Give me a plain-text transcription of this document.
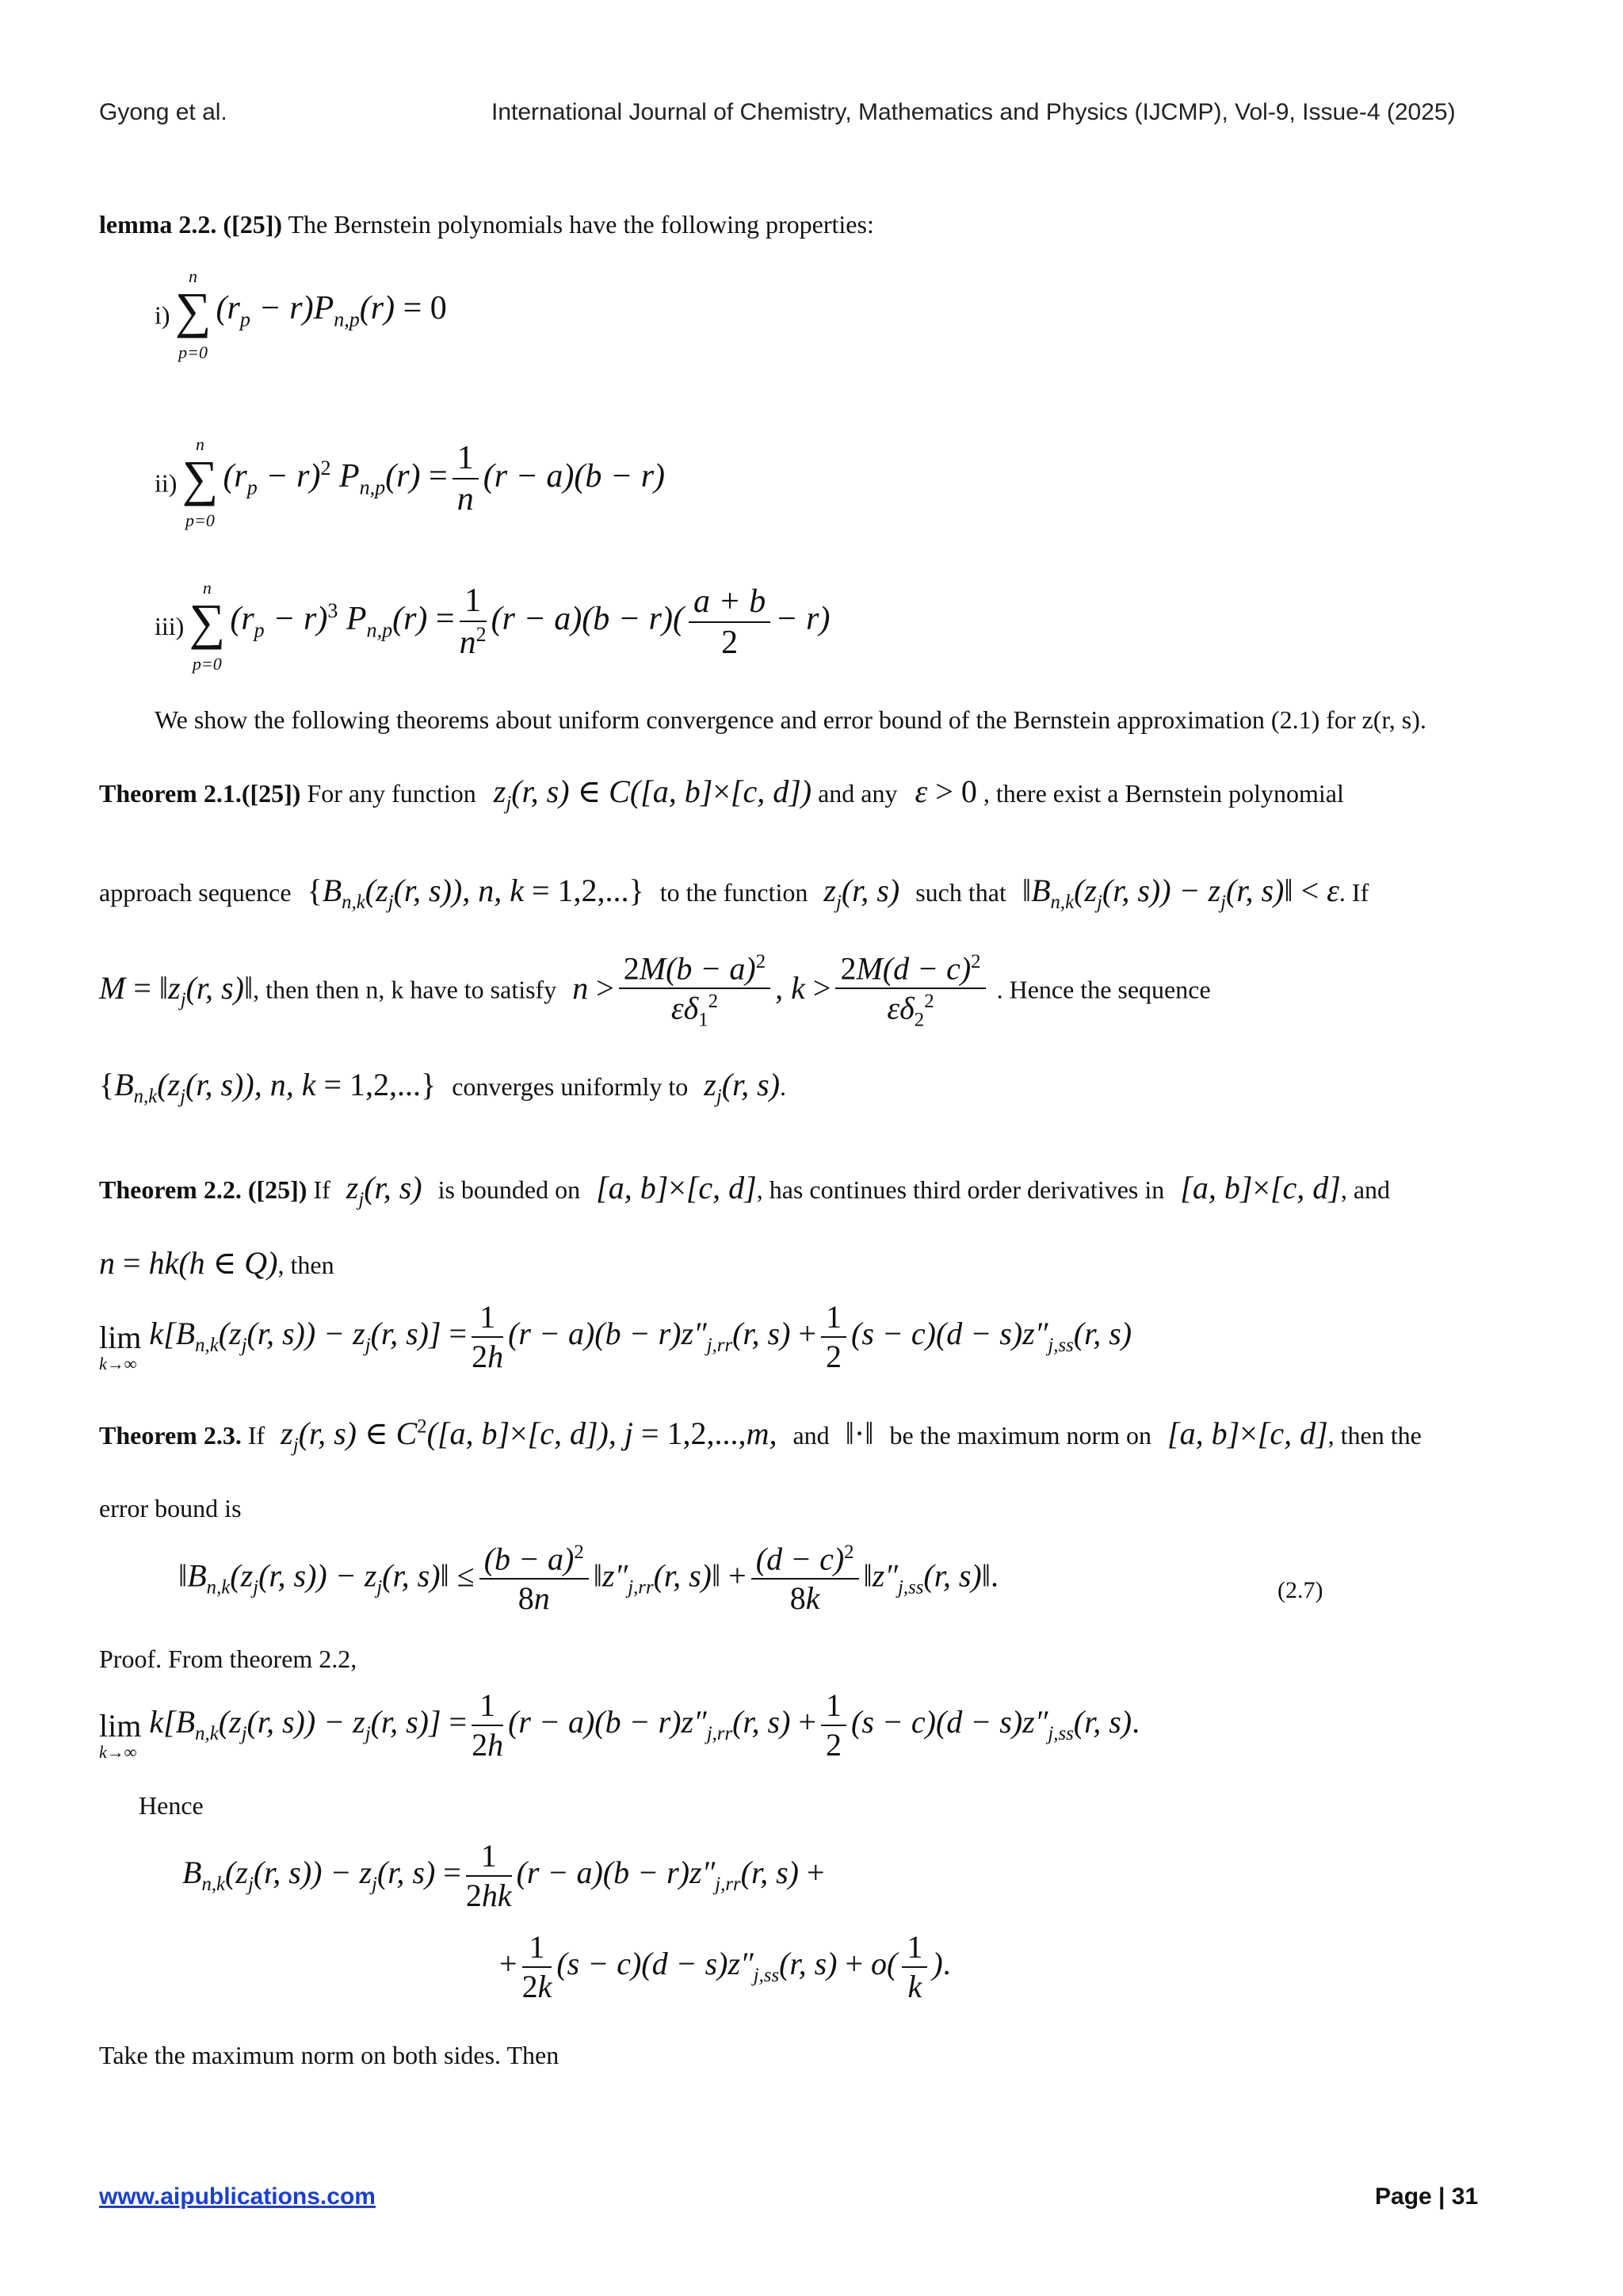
Gyong et al.	International Journal of Chemistry, Mathematics and Physics (IJCMP), Vol-9, Issue-4 (2025)
lemma 2.2. ([25]) The Bernstein polynomials have the following properties:
i)
n
∑
p=0
$(r_p - r)P_{n,p}(r) = 0$
ii)
n
∑
p=0
$(r_p - r)^2$ $P_{n,p}(r) = \frac{1}{n} (r - a)(b - r)$
iii)
n
∑
p=0
$(r_p - r)^3$ $P_{n,p}(r) = \frac{1}{n^2} (r - a)(b - r)( \frac{a + b}{2} - r)$
We show the following theorems about uniform convergence and error bound of the Bernstein approximation (2.1) for z(r, s).
Theorem 2.1.([25]) For any function $z_j(r$, s) ∈ C([a, b]×[c, d]) and any ε > 0 , there exist a Bernstein polynomial
approach sequence {$B_{n,k}(z_j(r$, s)), n, k = 1,2,...} to the function $z_j(r$, s) such that $‖B_{n,k}(z_j(r$, $s)) - z_j(r$, s)‖ < ε. If
$M = ‖z_j(r$, s)‖, then then n, k have to satisfy $n > \frac{2M(b - a)^2}{\varepsilon\delta_1^2}$ , $k > \frac{2M(d - c)^2}{\varepsilon\delta_2^2}$ . Hence the sequence
{$B_{n,k}(z_j(r$, s)), n, k = 1,2,...} converges uniformly to $z_j(r$, s).
Theorem 2.2. ([25]) If $z_j(r$, s) is bounded on [a, b]×[c, d], has continues third order derivatives in [a, b]×[c, d], and
n = hk(h ∈ Q), then
lim
k→∞
$k[B_{n,k}(z_j(r$, $s)) - z_j(r$, $s)] = \frac{1}{2h} (r - a)(b - r)z''_{j,rr}(r$, $s) + \frac{1}{2} (s - c)(d - s)z''_{j,ss}(r$, s)
Theorem 2.3. If $z_j(r$, s) ∈ $C^2([a$, b]×[c, d]), j = 1,2,...,m, and ‖·‖ be the maximum norm on [a, b]×[c, d], then the
error bound is
$‖B_{n,k}(z_j(r$, $s)) - z_j(r$, s)‖ ≤ $\frac{(b - a)^2}{8n}$ $‖z''_{j,rr}(r$, s)‖ + $\frac{(d - c)^2}{8k}$ $‖z''_{j,ss}(r$, s)‖.	(2.7)
Proof. From theorem 2.2,
lim
k→∞
$k[B_{n,k}(z_j(r$, $s)) - z_j(r$, $s)] = \frac{1}{2h} (r - a)(b - r)z''_{j,rr}(r$, $s) + \frac{1}{2} (s - c)(d - s)z''_{j,ss}(r$, s).
Hence
$B_{n,k}(z_j(r$, $s)) - z_j(r$, $s) = \frac{1}{2hk} (r - a)(b - r)z''_{j,rr}(r$, s) +
+ $\frac{1}{2k} (s - c)(d - s)z''_{j,ss}(r$, $s) + o( \frac{1}{k}$ ).
Take the maximum norm on both sides. Then
www.aipublications.com	Page | 31
